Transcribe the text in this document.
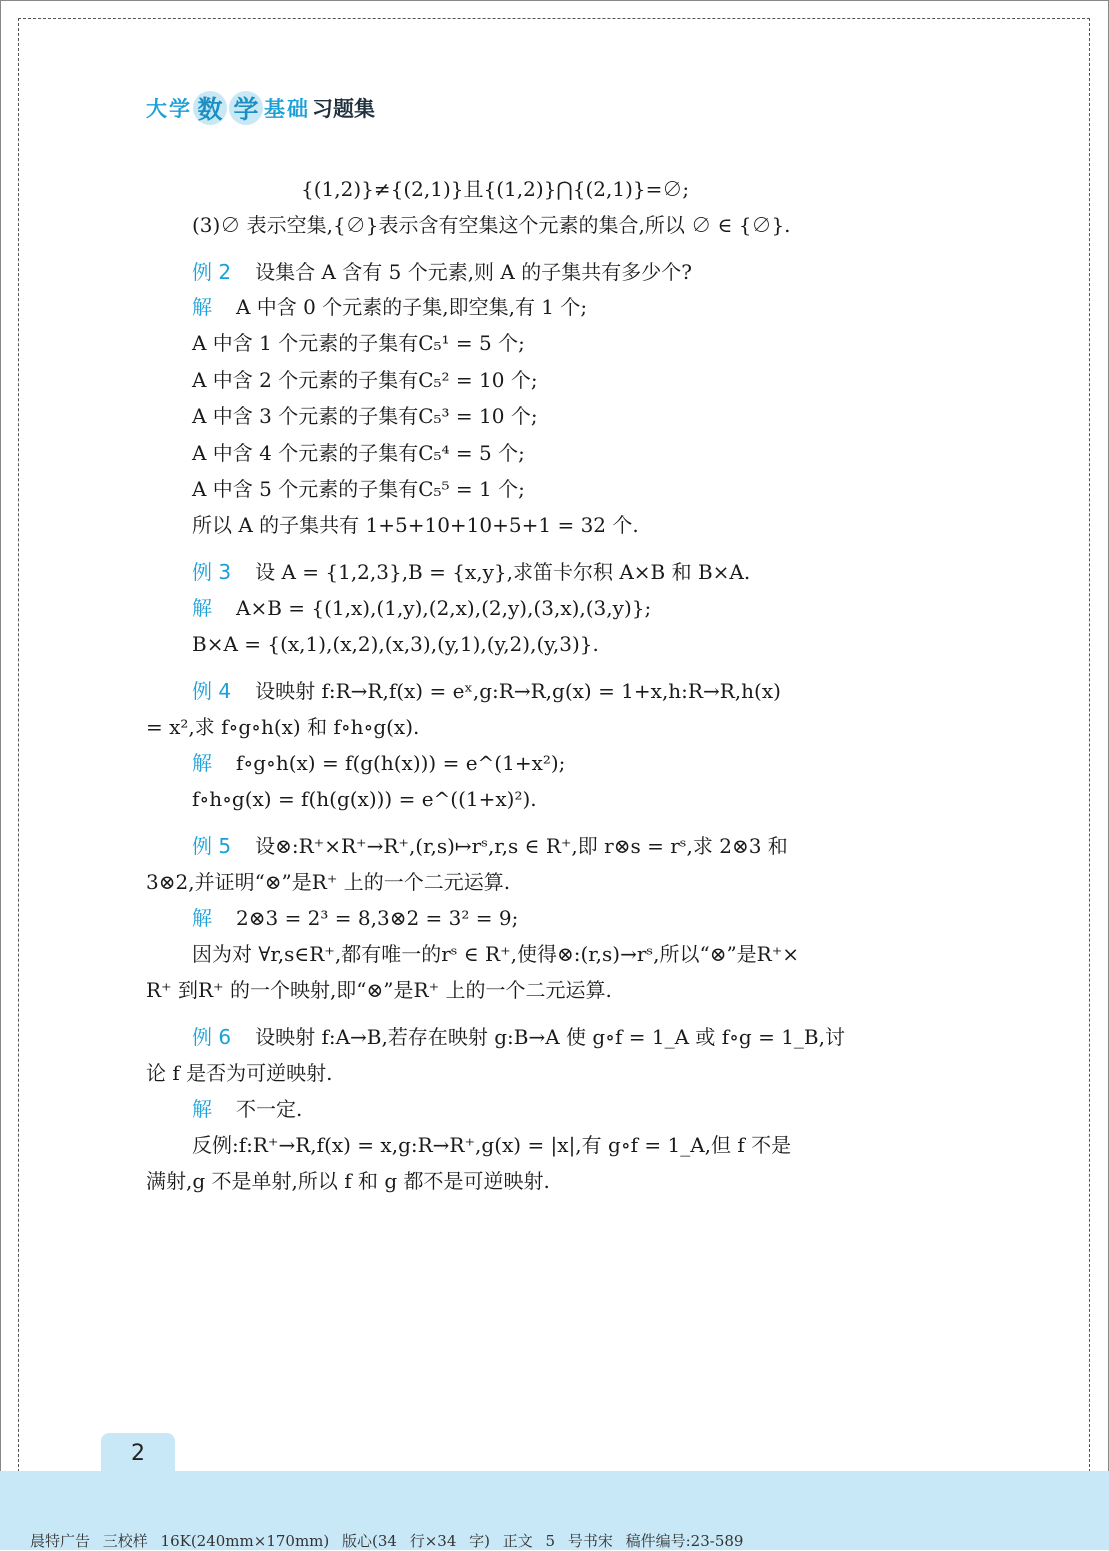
大学 数 学 基础 习题集
{(1,2)}≠{(2,1)}且{(1,2)}⋂{(2,1)}=∅;
(3)∅ 表示空集,{∅}表示含有空集这个元素的集合,所以 ∅ ∈ {∅}.
例 2 设集合 A 含有 5 个元素,则 A 的子集共有多少个?
解 A 中含 0 个元素的子集,即空集,有 1 个;
A 中含 1 个元素的子集有C₅¹ = 5 个;
A 中含 2 个元素的子集有C₅² = 10 个;
A 中含 3 个元素的子集有C₅³ = 10 个;
A 中含 4 个元素的子集有C₅⁴ = 5 个;
A 中含 5 个元素的子集有C₅⁵ = 1 个;
所以 A 的子集共有 1+5+10+10+5+1 = 32 个.
例 3 设 A = {1,2,3},B = {x,y},求笛卡尔积 A×B 和 B×A.
解 A×B = {(1,x),(1,y),(2,x),(2,y),(3,x),(3,y)};
B×A = {(x,1),(x,2),(x,3),(y,1),(y,2),(y,3)}.
例 4 设映射 f:R→R,f(x) = eˣ,g:R→R,g(x) = 1+x,h:R→R,h(x)
= x²,求 f∘g∘h(x) 和 f∘h∘g(x).
解 f∘g∘h(x) = f(g(h(x))) = e^(1+x²);
f∘h∘g(x) = f(h(g(x))) = e^((1+x)²).
例 5 设⊗:R⁺×R⁺→R⁺,(r,s)↦rˢ,r,s ∈ R⁺,即 r⊗s = rˢ,求 2⊗3 和
3⊗2,并证明“⊗”是R⁺ 上的一个二元运算.
解 2⊗3 = 2³ = 8,3⊗2 = 3² = 9;
因为对 ∀r,s∈R⁺,都有唯一的rˢ ∈ R⁺,使得⊗:(r,s)→rˢ,所以“⊗”是R⁺×
R⁺ 到R⁺ 的一个映射,即“⊗”是R⁺ 上的一个二元运算.
例 6 设映射 f:A→B,若存在映射 g:B→A 使 g∘f = 1_A 或 f∘g = 1_B,讨
论 f 是否为可逆映射.
解 不一定.
反例:f:R⁺→R,f(x) = x,g:R→R⁺,g(x) = |x|,有 g∘f = 1_A,但 f 不是
满射,g 不是单射,所以 f 和 g 都不是可逆映射.
2
晨特广告 三校样 16K(240mm×170mm) 版心(34 行×34 字) 正文 5 号书宋 稿件编号:23-589
